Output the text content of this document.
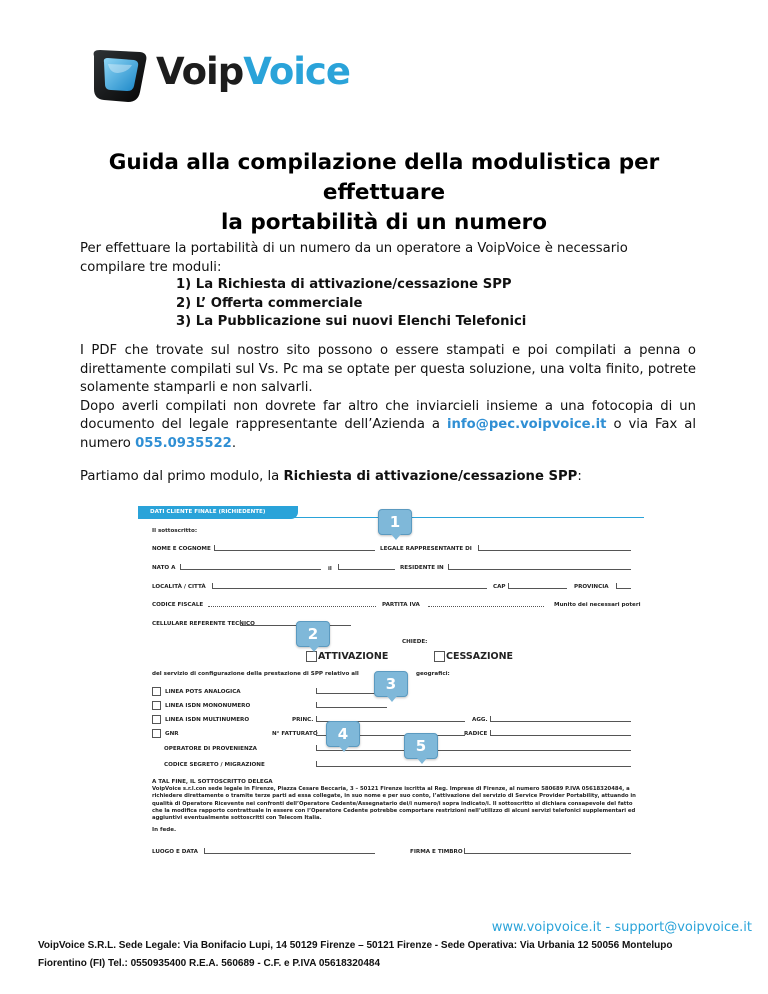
VoipVoice
Guida alla compilazione della modulistica per effettuare
la portabilità di un numero
Per effettuare la portabilità di un numero da un operatore a VoipVoice è necessario compilare tre moduli:
1) La Richiesta di attivazione/cessazione SPP
2) L’ Offerta commerciale
3) La Pubblicazione sui nuovi Elenchi Telefonici
I PDF che trovate sul nostro sito possono o essere stampati e poi compilati a penna o direttamente compilati sul Vs. Pc ma se optate per questa soluzione, una volta finito, potrete solamente stamparli e non salvarli.
Dopo averli compilati non dovrete far altro che inviarcieli insieme a una fotocopia di un documento del legale rappresentante dell’Azienda a info@pec.voipvoice.it o via Fax al numero 055.0935522.
Partiamo dal primo modulo, la Richiesta di attivazione/cessazione SPP:
DATI CLIENTE FINALE (RICHIEDENTE)
Il sottoscritto:
NOME E COGNOME	LEGALE RAPPRESENTANTE DI
NATO A	il	RESIDENTE IN
LOCALITÀ / CITTÀ	CAP	PROVINCIA
CODICE FISCALE	PARTITA IVA	Munito dei necessari poteri
CELLULARE REFERENTE TECNICO
CHIEDE:
ATTIVAZIONE	CESSAZIONE
del servizio di configurazione della prestazione di SPP relativo all	geografici:
LINEA POTS ANALOGICA
LINEA ISDN MONONUMERO
LINEA ISDN MULTINUMERO	PRINC.	AGG.
GNR	N° FATTURATO	RADICE
OPERATORE DI PROVENIENZA
CODICE SEGRETO / MIGRAZIONE
A TAL FINE, IL SOTTOSCRITTO DELEGA
VoipVoice s.r.l.con sede legale in Firenze, Piazza Cesare Beccaria, 3 – 50121 Firenze iscritta al Reg. Imprese di Firenze, al numero 580689 P.IVA 05618320484, a
richiedere direttamente o tramite terze parti ad essa collegate, in suo nome e per suo conto, l’attivazione del servizio di Service Provider Portability, attuando in
qualità di Operatore Ricevente nei confronti dell’Operatore Cedente/Assegnatario dei/i numero/i sopra indicato/i. Il sottoscritto si dichiara consapevole del fatto
che la modifica rapporto contrattuale in essere con l’Operatore Cedente potrebbe comportare restrizioni nell’utilizzo di alcuni servizi telefonici supplementari ed
aggiuntivi eventualmente sottoscritti con Telecom Italia.
In fede.
LUOGO E DATA	FIRMA E TIMBRO
1
2
3
4
5
www.voipvoice.it - support@voipvoice.it
VoipVoice S.R.L. Sede Legale: Via Bonifacio Lupi, 14 50129 Firenze – 50121 Firenze - Sede Operativa: Via Urbania 12 50056 Montelupo
Fiorentino (FI) Tel.: 0550935400 R.E.A. 560689 - C.F. e P.IVA 05618320484
